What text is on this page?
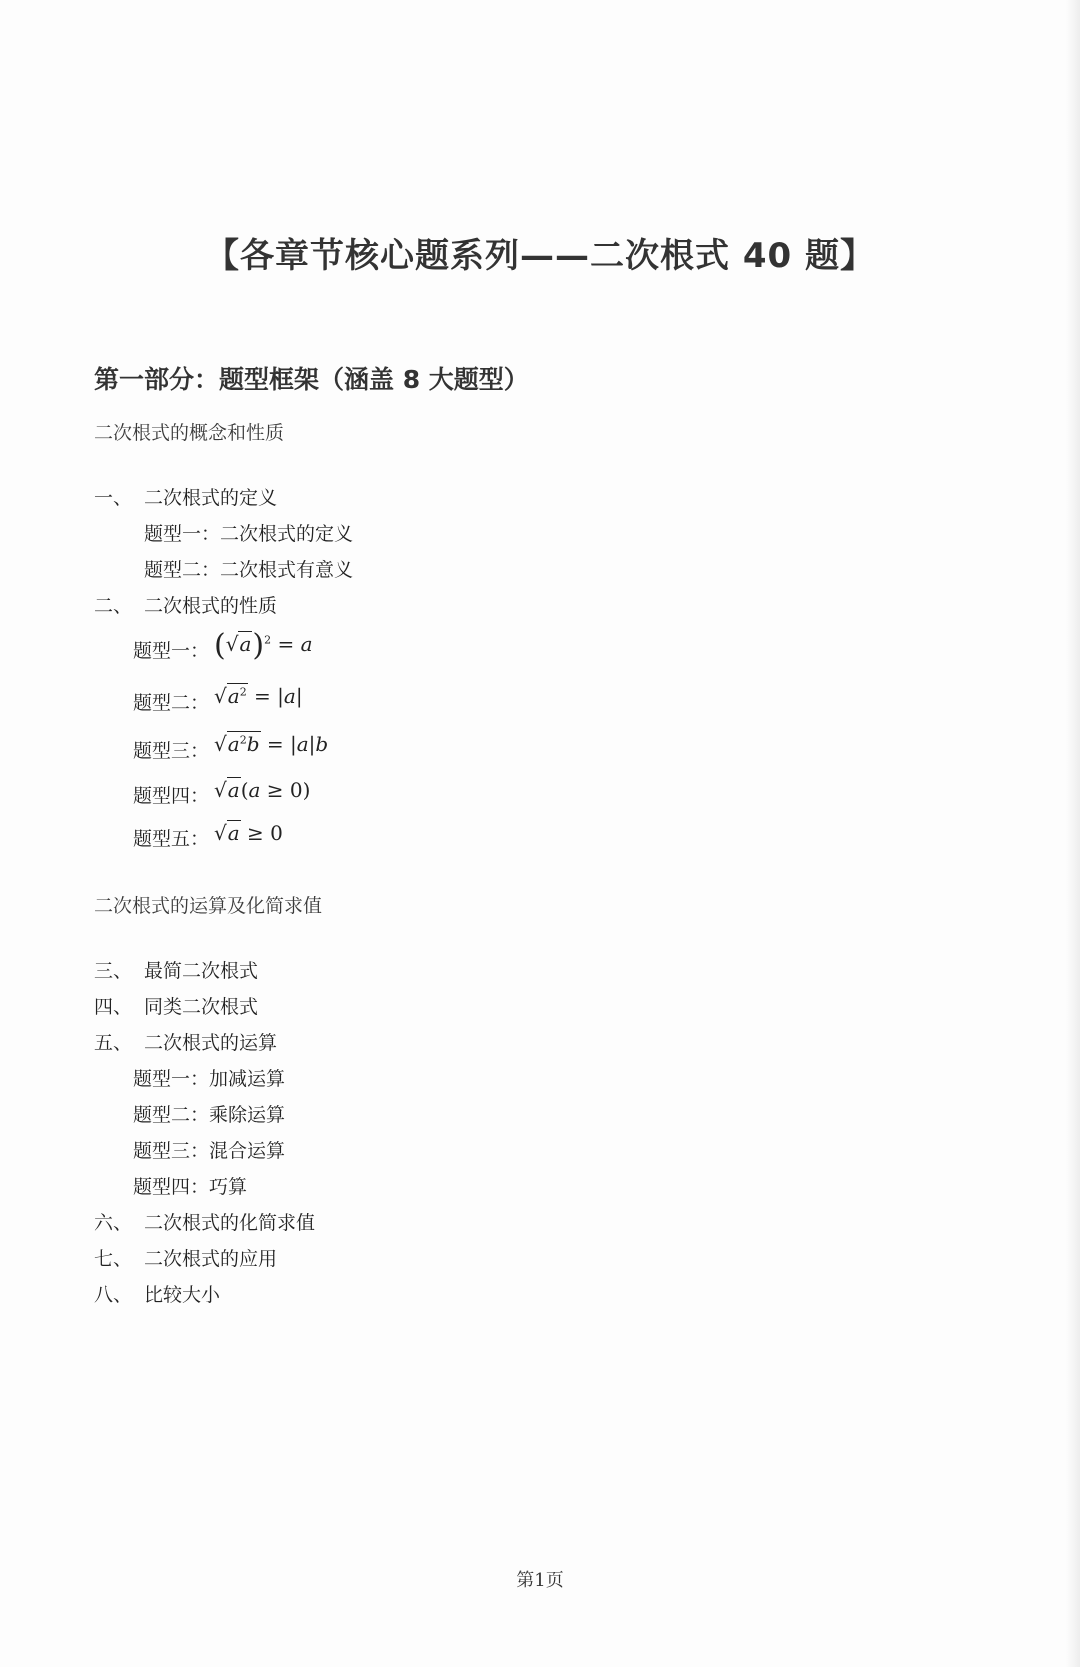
【各章节核心题系列——二次根式 40 题】
第一部分：题型框架（涵盖 8 大题型）
二次根式的概念和性质
一、 二次根式的定义
题型一：二次根式的定义
题型二：二次根式有意义
二、 二次根式的性质
题型一： $(√a)^2 = a$
题型二： $√a^2 = |a|$
题型三： $√a^2b = |a|b$
题型四： √a(a ≥ 0)
题型五： √a ≥ 0
二次根式的运算及化简求值
三、 最简二次根式
四、 同类二次根式
五、 二次根式的运算
题型一：加减运算
题型二：乘除运算
题型三：混合运算
题型四：巧算
六、 二次根式的化简求值
七、 二次根式的应用
八、 比较大小
第1页
